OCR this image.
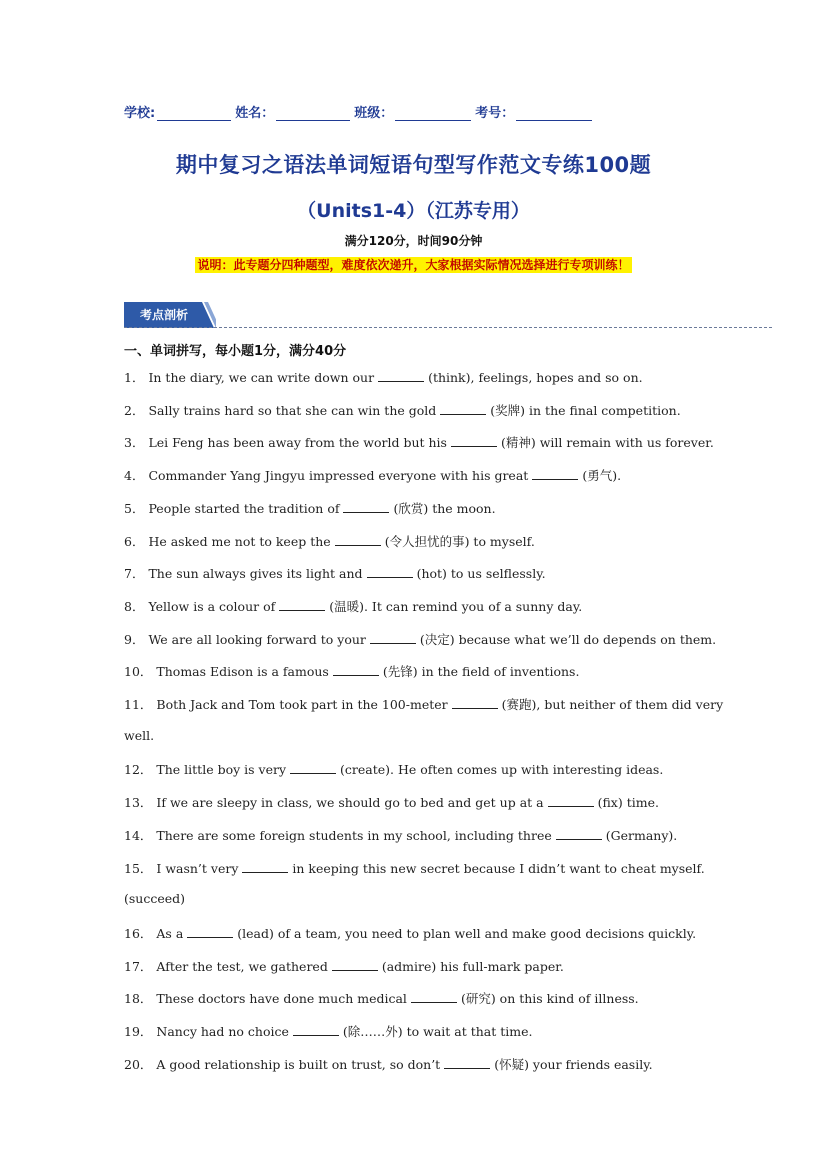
学校:	姓名：	班级：	考号：
期中复习之语法单词短语句型写作范文专练100题
（Units1-4）（江苏专用）
满分120分，时间90分钟
说明：此专题分四种题型，难度依次递升，大家根据实际情况选择进行专项训练！
考点剖析
一、单词拼写，每小题1分，满分40分
1． In the diary, we can write down our	(think), feelings, hopes and so on.
2． Sally trains hard so that she can win the gold	(奖牌) in the final competition.
3． Lei Feng has been away from the world but his	(精神) will remain with us forever.
4． Commander Yang Jingyu impressed everyone with his great	(勇气).
5． People started the tradition of	(欣赏) the moon.
6． He asked me not to keep the	(令人担忧的事) to myself.
7． The sun always gives its light and	(hot) to us selflessly.
8． Yellow is a colour of	(温暖). It can remind you of a sunny day.
9． We are all looking forward to your	(决定) because what we’ll do depends on them.
10． Thomas Edison is a famous	(先锋) in the field of inventions.
11． Both Jack and Tom took part in the 100-meter	(赛跑), but neither of them did very
well.
12． The little boy is very	(create). He often comes up with interesting ideas.
13． If we are sleepy in class, we should go to bed and get up at a	(fix) time.
14． There are some foreign students in my school, including three	(Germany).
15． I wasn’t very	in keeping this new secret because I didn’t want to cheat myself.
(succeed)
16． As a	(lead) of a team, you need to plan well and make good decisions quickly.
17． After the test, we gathered	(admire) his full-mark paper.
18． These doctors have done much medical	(研究) on this kind of illness.
19． Nancy had no choice	(除……外) to wait at that time.
20． A good relationship is built on trust, so don’t	(怀疑) your friends easily.
